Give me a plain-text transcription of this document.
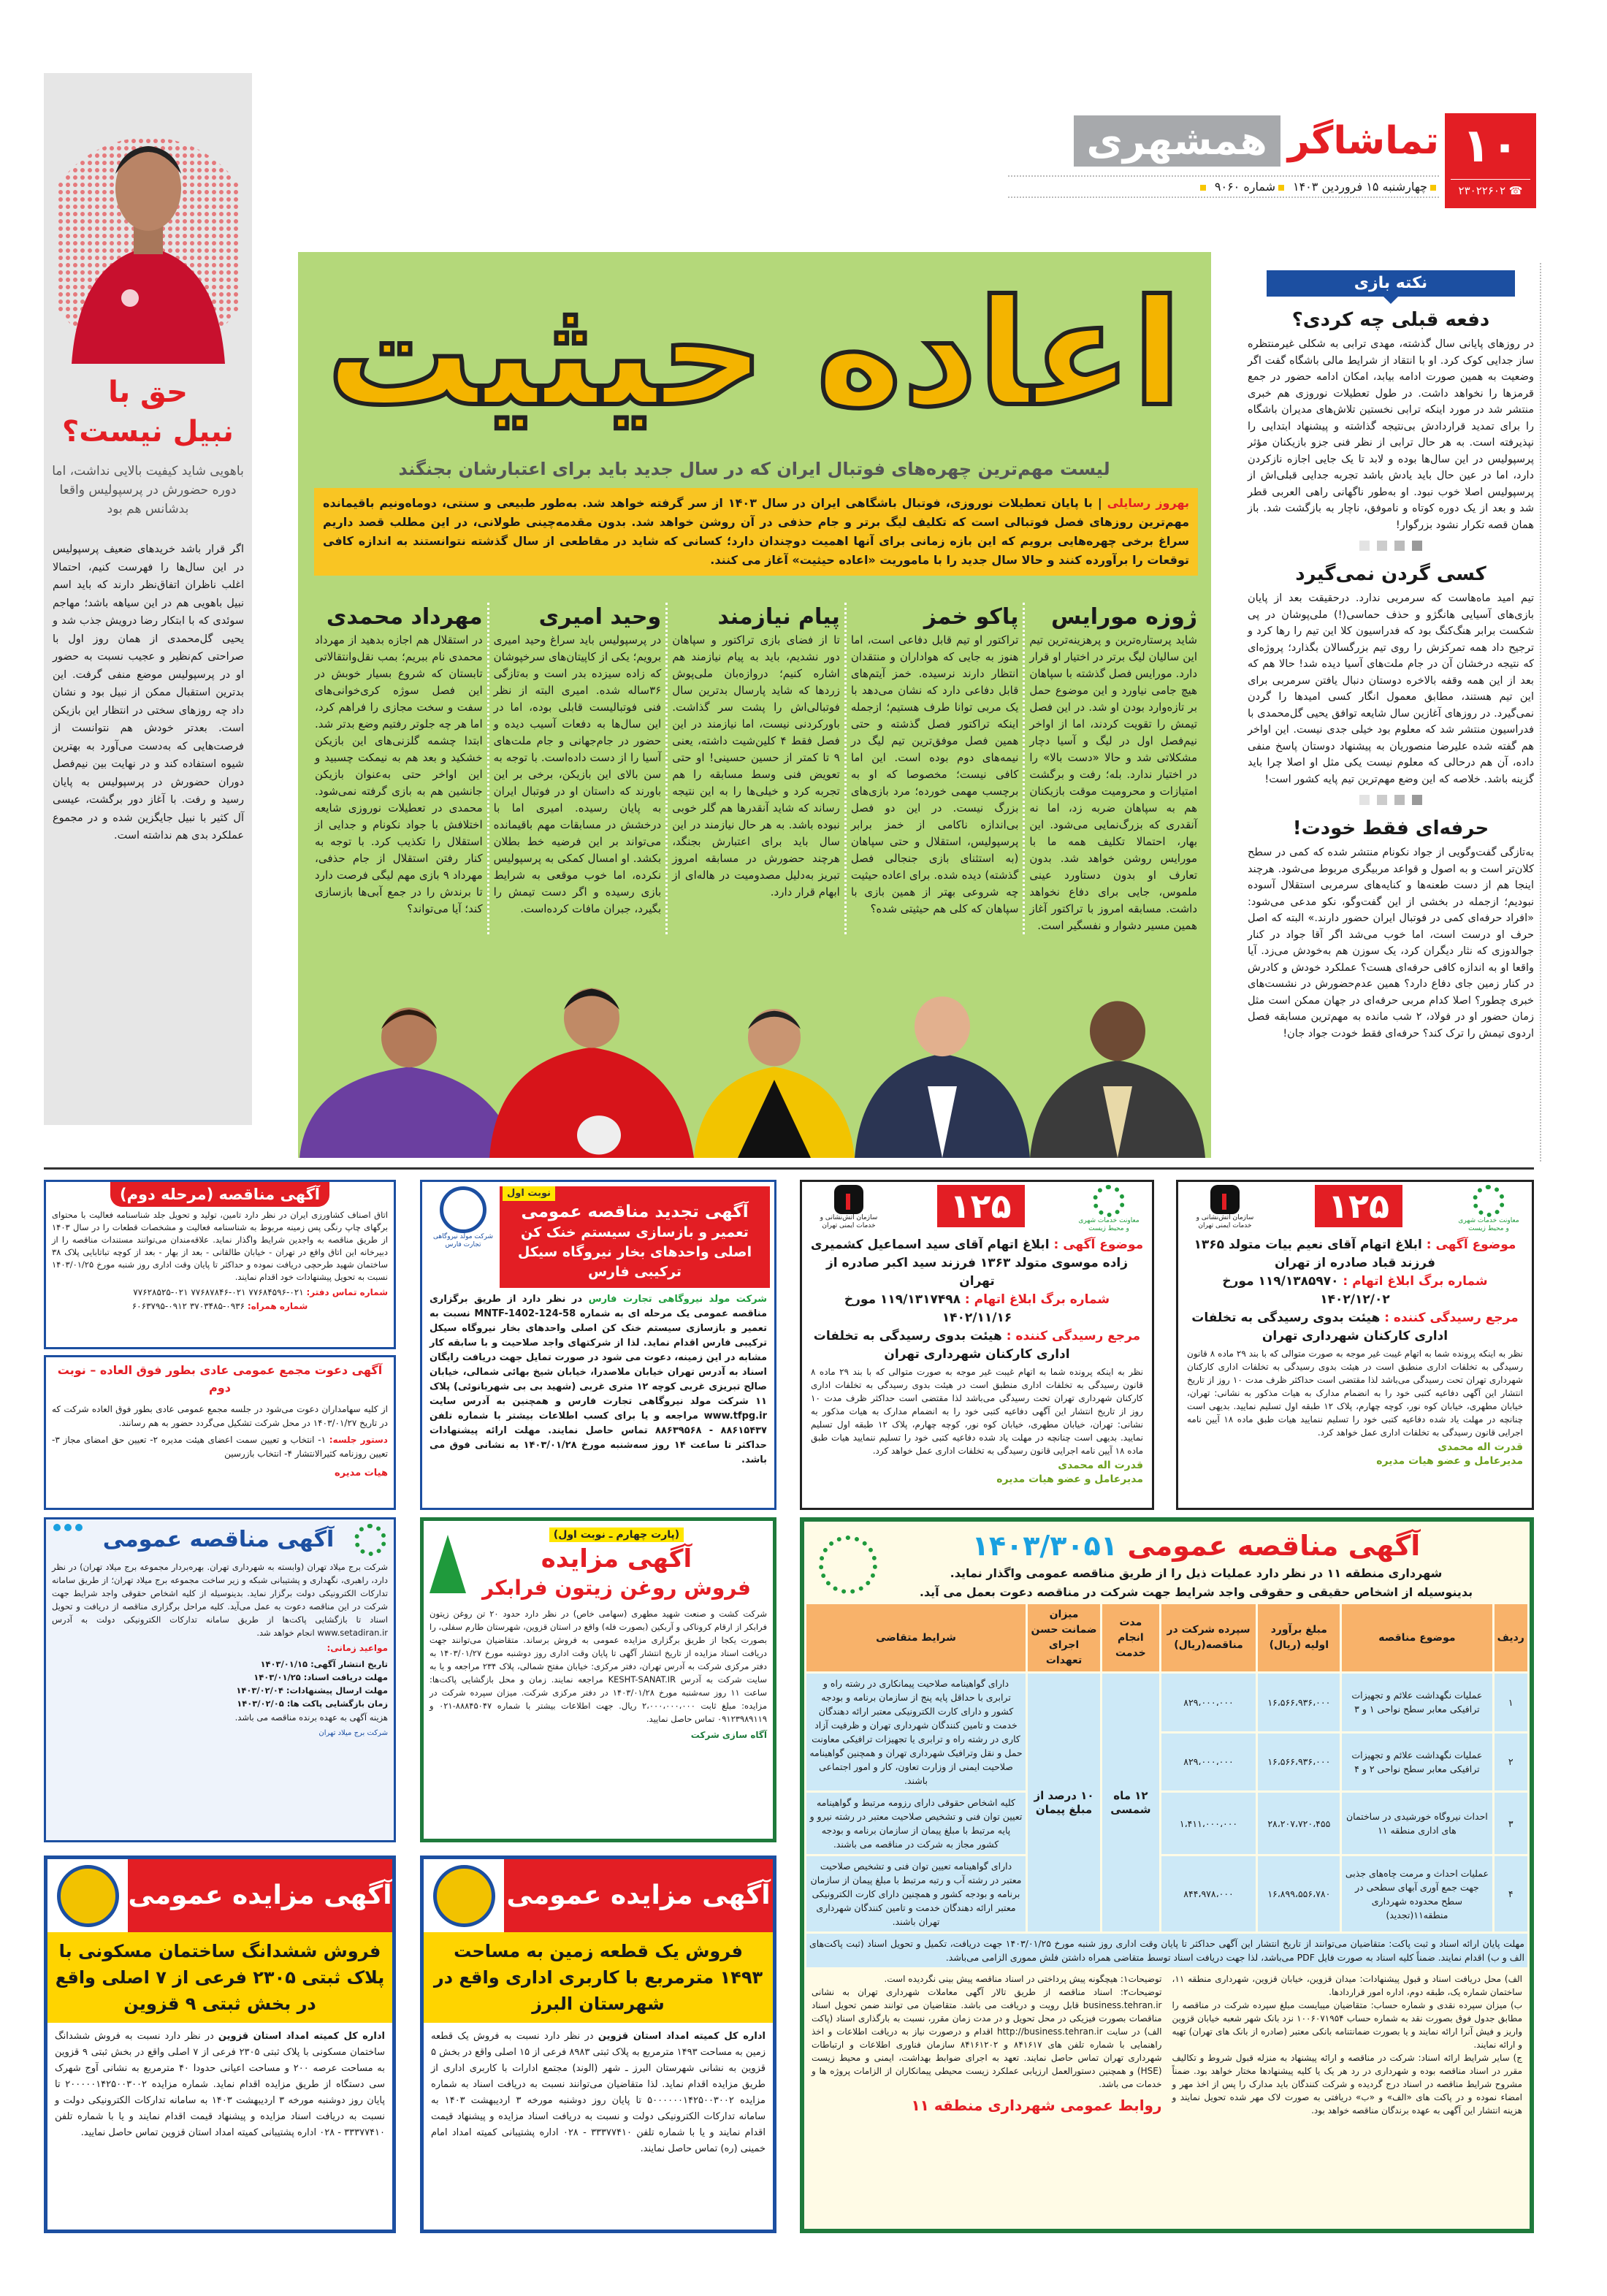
۱۰
☎ ۲۳۰۲۲۶۰۲
تماشاگر
همشهری
چهارشنبه ۱۵ فروردین ۱۴۰۳شماره ۹۰۶۰
حق با
نبیل نیست؟
باهویی شاید کیفیت بالایی نداشت، اما دوره حضورش در پرسپولیس واقعا بدشانس هم بود

اگر قرار باشد خریدهای ضعیف پرسپولیس در این سال‌ها را فهرست کنیم، احتمالا اغلب ناظران اتفاق‌نظر دارند که باید اسم نبیل باهویی هم در این سیاهه باشد؛ مهاجم سوئدی که با ابتکار رضا درویش جذب شد و یحیی گل‌محمدی از همان روز اول با صراحتی کم‌نظیر و عجیب نسبت به حضور او در پرسپولیس موضع منفی گرفت. این بدترین استقبال ممکن از نبیل بود و نشان داد چه روزهای سختی در انتظار این بازیکن است. بعدتر خودش هم نتوانست از فرصت‌هایی که به‌دست می‌آورد به بهترین شیوه استفاده کند و در نهایت بین نیم‌فصل دوران حضورش در پرسپولیس به پایان رسید و رفت. با آغاز دور برگشت، عیسی آل کثیر با نبیل جایگزین شده و در مجموع عملکرد بدی هم نداشته است.

اعاده حیثیت
لیست مهم‌ترین چهره‌های فوتبال ایران که در سال جدید باید برای اعتبارشان بجنگند
بهروز رسایلی | با پایان تعطیلات نوروزی، فوتبال باشگاهی ایران در سال ۱۴۰۳ از سر گرفته خواهد شد. به‌طور طبیعی و سنتی، دوماه‌ونیم باقیمانده مهم‌ترین روزهای فصل فوتبالی است که تکلیف لیگ برتر و جام حذفی در آن روشن خواهد شد. بدون مقدمه‌چینی طولانی، در این مطلب قصد داریم سراغ برخی چهره‌هایی برویم که این بازه زمانی برای آنها اهمیت دوچندان دارد؛ کسانی که شاید در مقاطعی از سال گذشته نتوانستند به اندازه کافی توقعات را برآورده کنند و حالا سال جدید را با ماموریت «اعاده حیثیت» آغاز می کنند.
ژوزه مورایس

شاید پرستاره‌ترین و پرهزینه‌ترین تیم این سالیان لیگ برتر در اختیار او قرار دارد. مورایس فصل گذشته با سپاهان هیچ جامی نیاورد و این موضوع حمل بر تازه‌وارد بودن او شد. در این فصل تیمش را تقویت کردند، اما از اواخر نیم‌فصل اول در لیگ و آسیا دچار مشکلاتی شد و حالا «دست بالا» را در اختیار ندارد. بله؛ رفت و برگشت امتیازات و محرومیت موقت بازیکنان هم به سپاهان ضربه زد، اما نه آنقدری که بزرگ‌نمایی می‌شود. این بهار، احتمالا تکلیف همه ما با مورایس روشن خواهد شد. بدون تعارف او بدون دستاورد عینی ملموس، جایی برای دفاع نخواهد داشت. مسابقه امروز با تراکتور آغاز همین مسیر دشوار و نفسگیر است.

پاکو خمز

تراکتور او تیم قابل دفاعی است، اما هنوز به جایی که هواداران و منتقدان انتظار دارند نرسیده. خمز آیتم‌های قابل دفاعی دارد که نشان می‌دهد با یک مربی توانا طرف هستیم؛ ازجمله اینکه تراکتور فصل گذشته و حتی همین فصل موفق‌ترین تیم لیگ در نیمه‌های دوم بوده است. این اما کافی نیست؛ مخصوصا که او به برچسب مهمی خورده؛ مرد بازی‌های بزرگ نیست. در این دو فصل بی‌اندازه ناکامی از خمز برابر پرسپولیس، استقلال و حتی سپاهان (به استثنای بازی جنجالی فصل گذشته) دیده شده. برای اعاده حیثیت چه شروعی بهتر از همین بازی با سپاهان که کلی هم حیثیتی شده؟

پیام نیازمند

تا از فضای بازی تراکتور و سپاهان دور نشدیم، باید به پیام نیازمند هم اشاره کنیم؛ دروازه‌بان ملی‌پوش زردها که شاید پارسال بدترین سال فوتبالی‌اش را پشت سر گذاشت. باورکردنی نیست، اما نیازمند در این فصل فقط ۴ کلین‌شیت داشته، یعنی ۹ تا کمتر از حسین حسینی! او حتی تعویض فنی وسط مسابقه را هم تجربه کرد و خیلی‌ها را به این نتیجه رساند که شاید آنقدرها هم گلر خوبی نبوده باشد. به هر حال نیازمند در این سال باید برای اعتبارش بجنگد، هرچند حضورش در مسابقه امروز تبریز به‌دلیل مصدومیت در هاله‌ای از ابهام قرار دارد.

وحید امیری

در پرسپولیس باید سراغ وحید امیری برویم؛ یکی از کاپیتان‌های سرخپوشان که زاده سیزده بدر است و به‌تازگی ۳۶ساله شده. امیری البته از نظر فنی فوتبالیست قابلی بوده، اما در این سال‌ها به دفعات آسیب دیده و حضور در جام‌جهانی و جام ملت‌های آسیا را از دست داده‌است. با توجه به سن بالای این بازیکن، برخی بر این باورند که داستان او در فوتبال ایران به پایان رسیده. امیری اما با درخشش در مسابقات مهم باقیمانده می‌تواند بر این فرضیه خط بطلان بکشد. او امسال کمکی به پرسپولیس نکرده، اما خوب موقعی به شرایط بازی رسیده و اگر دست تیمش را بگیرد، جبران مافات کرده‌است.

مهرداد محمدی

در استقلال هم اجازه بدهید از مهرداد محمدی نام ببریم؛ بمب نقل‌وانتقالاتی تابستان که شروع بسیار خوبش در این فصل سوژه کری‌خوانی‌های سفت و سخت مجازی را فراهم کرد، اما هر چه جلوتر رفتیم وضع بدتر شد. ابتدا چشمه گلزنی‌های این بازیکن خشکید و بعد هم به نیمکت چسبید و این اواخر حتی به‌عنوان بازیکن جانشین هم به بازی گرفته نمی‌شود. محمدی در تعطیلات نوروزی شایعه اختلافش با جواد نکونام و جدایی از استقلال را تکذیب کرد. با توجه به کنار رفتن استقلال از جام حذفی، مهرداد ۹ بازی مهم لیگی فرصت دارد تا برندش را در جمع آبی‌ها بازسازی کند؛ آیا می‌تواند؟

نکته بازی
دفعه قبلی چه کردی؟

در روزهای پایانی سال گذشته، مهدی ترابی به شکلی غیرمنتظره ساز جدایی کوک کرد. او با انتقاد از شرایط مالی باشگاه گفت اگر وضعیت به همین صورت ادامه بیابد، امکان ادامه حضور در جمع قرمزها را نخواهد داشت. در طول تعطیلات نوروزی هم خبری منتشر شد در مورد اینکه ترابی نخستین تلاش‌های مدیران باشگاه را برای تمدید قراردادش بی‌نتیجه گذاشته و پیشنهاد ابتدایی را نپذیرفته است. به هر حال ترابی از نظر فنی جزو بازیکنان مؤثر پرسپولیس در این سال‌ها بوده و لابد تا یک جایی اجازه نازکردن دارد، اما در عین حال باید یادش باشد تجربه جدایی قبلی‌اش از پرسپولیس اصلا خوب نبود. او به‌طور ناگهانی راهی العربی قطر شد و بعد از یک دوره کوتاه و ناموفق، ناچار به بازگشت شد. باز همان قصه تکرار نشود بزرگوار!

کسی گردن نمی‌گیرد

تیم امید ماه‌هاست که سرمربی ندارد. درحقیقت بعد از پایان بازی‌های آسیایی هانگژو و حذف حماسی(!) ملی‌پوشان در پی شکست برابر هنگ‌کنگ بود که فدراسیون کلا این تیم را رها کرد و ترجیح داد همه تمرکزش را روی تیم بزرگسالان بگذارد؛ پروژه‌ای که نتیجه درخشان آن در جام ملت‌های آسیا دیده شد! حالا هم که بعد از این همه وقفه بالاخره دوستان دنبال یافتن سرمربی برای این تیم هستند، مطابق معمول انگار کسی امیدها را گردن نمی‌گیرد. در روزهای آغازین سال شایعه توافق یحیی گل‌محمدی با فدراسیون منتشر شد که معلوم بود خیلی جدی نیست. این اواخر هم گفته شده علیرضا منصوریان به پیشنهاد دوستان پاسخ منفی داده، آن هم درحالی که معلوم نیست یکی مثل او اصلا چرا باید گزینه باشد. خلاصه که این وضع مهم‌ترین تیم پایه کشور است!

حرفه‌ای فقط خودت!

به‌تازگی گفت‌وگویی از جواد نکونام منتشر شده که کمی در سطح کلان‌تر است و به اصول و قواعد مربیگری مربوط می‌شود. هرچند اینجا هم از دست طعنه‌ها و کنایه‌های سرمربی استقلال آسوده نبودیم؛ ازجمله در بخشی از این گفت‌وگو، نکو مدعی می‌شود: «افراد حرفه‌ای کمی در فوتبال ایران حضور دارند.» البته که اصل حرف او درست است، اما خوب می‌شد اگر آقا جواد در کنار جوالدوزی که نثار دیگران کرد، یک سوزن هم به‌خودش می‌زد. آیا واقعا او به اندازه کافی حرفه‌ای هست؟ عملکرد خودش و کادرش در کنار زمین جای دفاع دارد؟ همین عدم‌حضورش در نشست‌های خبری چطور؟ اصلا کدام مربی حرفه‌ای در جهان ممکن است مثل زمان حضور او در فولاد، ۲ شب مانده به مهم‌ترین مسابقه فصل اردوی تیمش را ترک کند؟ حرفه‌ای فقط خودت جواد جان!

معاونت خدمات شهری و محیط زیست
۱۲۵
سازمان آتش‌نشانی و خدمات ایمنی تهران
موضوع آگهی : ابلاغ اتهام آقای نعیم بیات متولد ۱۳۶۵ فرزند قباد صادره از تهران
شماره برگ ابلاغ اتهام : ۱۱۹/۱۳۸۵۹۷۰ مورخ ۱۴۰۲/۱۲/۰۲
مرجع رسیدگی کننده : هیئت بدوی رسیدگی به تخلفات اداری کارکنان شهرداری تهران

نظر به اینکه پرونده شما به اتهام غیبت غیر موجه به صورت متوالی که با بند ۲۹ ماده ۸ قانون رسیدگی به تخلفات اداری منطبق است در هیئت بدوی رسیدگی به تخلفات اداری کارکنان شهرداری تهران تحت رسیدگی می‌باشد لذا مقتضی است حداکثر ظرف مدت ۱۰ روز از تاریخ انتشار این آگهی دفاعیه کتبی خود را به انضمام مدارک به هیات مذکور به نشانی: تهران، خیابان مطهری، خیابان کوه نور، کوچه چهارم، پلاک ۱۲ طبقه اول تسلیم نمایید. بدیهی است چنانچه در مهلت یاد شده دفاعیه کتبی خود را تسلیم ننمایید هیات طبق ماده ۱۸ آیین نامه اجرایی قانون رسیدگی به تخلفات اداری عمل خواهد کرد.

قدرت اله محمدی
مدیرعامل و عضو هیات مدیره
معاونت خدمات شهری و محیط زیست
۱۲۵
سازمان آتش‌نشانی و خدمات ایمنی تهران
موضوع آگهی : ابلاغ اتهام آقای سید اسماعیل کشمیری زاده موسوی متولد ۱۳۶۳ فرزند سید اکبر صادره از تهران
شماره برگ ابلاغ اتهام : ۱۱۹/۱۳۱۷۴۹۸ مورخ ۱۴۰۲/۱۱/۱۶
مرجع رسیدگی کننده : هیئت بدوی رسیدگی به تخلفات اداری کارکنان شهرداری تهران

نظر به اینکه پرونده شما به اتهام غیبت غیر موجه به صورت متوالی که با بند ۲۹ ماده ۸ قانون رسیدگی به تخلفات اداری منطبق است در هیئت بدوی رسیدگی به تخلفات اداری کارکنان شهرداری تهران تحت رسیدگی می‌باشد لذا مقتضی است حداکثر ظرف مدت ۱۰ روز از تاریخ انتشار این آگهی دفاعیه کتبی خود را به انضمام مدارک به هیات مذکور به نشانی: تهران، خیابان مطهری، خیابان کوه نور، کوچه چهارم، پلاک ۱۲ طبقه اول تسلیم نمایید. بدیهی است چنانچه در مهلت یاد شده دفاعیه کتبی خود را تسلیم ننمایید هیات طبق ماده ۱۸ آیین نامه اجرایی قانون رسیدگی به تخلفات اداری عمل خواهد کرد.

قدرت اله محمدی
مدیرعامل و عضو هیات مدیره
نوبت اول
آگهی تجدید مناقصه عمومی
تعمیر و بازسازی سیستم خنک کن اصلی واحدهای بخار نیروگاه سیکل ترکیبی فارس
شرکت مولد نیروگاهی تجارت فارس

شرکت مولد نیروگاهی تجارت فارس در نظر دارد از طریق برگزاری مناقصه عمومی یک مرحله ای به شماره MNTF-1402-124-58 نسبت به تعمیر و بازسازی سیستم خنک کن اصلی واحدهای بخار نیروگاه سیکل ترکیبی فارس اقدام نماید. لذا از شرکتهای واجد صلاحیت و با سابقه کار مشابه در این زمینه، دعوت می شود در صورت تمایل جهت دریافت رایگان اسناد به آدرس تهران خیابان ملاصدرا، خیابان شیخ بهائی شمالی، خیابان صالح تبریزی غربی کوچه ۱۲ متری غربی (شهید بی بی شهربانوئی) پلاک ۱۱ شرکت مولد نیروگاهی تجارت فارس و همچنین به آدرس سایت www.tfpg.ir مراجعه و یا برای کسب اطلاعات بیشتر با شماره تلفن ۸۸۶۱۵۴۳۷ - ۸۸۶۳۹۵۶۸ تماس حاصل نمایند. مهلت ارائه پیشنهادات حداکثر تا ساعت ۱۴ روز سه‌شنبه مورخ ۱۴۰۳/۰۱/۲۸ به نشانی فوق می باشد.

آگهی مناقصه (مرحله دوم)

اتاق اصناف کشاورزی ایران در نظر دارد تامین، تولید و تحویل جلد شناسنامه فعالیت با محتوای برگهای چاپ رنگی پس زمینه مربوط به شناسنامه فعالیت و مشخصات قطعات را در سال ۱۴۰۳ از طریق مناقصه به واجدین شرایط واگذار نماید. علاقه‌مندان می‌توانند مستندات مناقصه را از دبیرخانه این اتاق واقع در تهران - خیابان طالقانی - بعد از بهار - بعد از کوچه تباتابایی پلاک ۳۸ ساختمان شهید طرحچی دریافت نموده و حداکثر تا پایان وقت اداری روز شنبه مورخ ۱۴۰۳/۰۱/۲۵ نسبت به تحویل پیشنهادات خود اقدام نمایند.

شماره تماس دفتر: ۰۲۱-۷۷۶۸۴۵۹۶ ۰۲۱-۷۷۶۸۷۸۴۶ ۰۲۱-۷۷۶۲۸۵۲۵
شماره همراه: ۰۹۳۶-۳۷۰۳۴۸۵ ۰۹۱۲-۶۰۶۳۷۹۵
آگهی دعوت مجمع عمومی عادی بطور فوق العاده – نوبت دوم

از کلیه سهامداران دعوت می‌شود در جلسه مجمع عمومی عادی بطور فوق العاده شرکت که در تاریخ ۱۴۰۳/۰۱/۲۷ در محل شرکت تشکیل می‌گردد حضور به هم رسانند.

دستور جلسه: ۱- انتخاب و تعیین سمت اعضای هیئت مدیره ۲- تعیین حق امضای مجاز ۳- تعیین روزنامه کثیرالانتشار ۴- انتخاب بازرسین

هیات مدیره
آگهی مناقصه عمومی ۱۴۰۳/۳۰۵۱
شهرداری منطقه ۱۱ در نظر دارد عملیات ذیل را از طریق مناقصه عمومی واگذار نماید.
بدینوسیله از اشخاص حقیقی و حقوقی واجد شرایط جهت شرکت در مناقصه دعوت بعمل می آید.
ردیف	موضوع مناقصه	مبلغ برآورد اولیه (ریال)	سپرده شرکت در مناقصه(ریال)	مدت انجام خدمت	میزان ضمانت حسن اجرای تعهدات	شرایط متقاضی
۱	عملیات نگهداشت علائم و تجهیزات ترافیکی معابر سطح نواحی ۱ و ۳	۱۶،۵۶۶،۹۳۶،۰۰۰	۸۲۹،۰۰۰،۰۰۰	۱۲ ماه شمسی	۱۰ درصد از مبلغ پیمان	دارای گواهینامه صلاحیت پیمانکاری در رشته راه و ترابری با حداقل پایه پنج از سازمان برنامه و بودجه کشور و دارای کارت الکترونیکی معتبر ارائه دهندگان خدمت و تامین کنندگان شهرداری تهران و ظرفیت آزاد کاری در رشته راه و ترابری یا تجهیزات ترافیکی معاونت حمل و نقل وترافیک شهرداری تهران و همچنین گواهینامه صلاحیت ایمنی از وزارت تعاون، کار و امور اجتماعی باشند.
۲	عملیات نگهداشت علائم و تجهیزات ترافیکی معابر سطح نواحی ۲ و ۴	۱۶،۵۶۶،۹۳۶،۰۰۰	۸۲۹،۰۰۰،۰۰۰			
۳	احداث نیروگاه خورشیدی در ساختمان های اداری منطقه ۱۱	۲۸،۲۰۷،۷۲۰،۴۵۵	۱،۴۱۱،۰۰۰،۰۰۰			کلیه اشخاص حقوقی دارای رزومه مرتبط و گواهینامه تعیین توان فنی و تشخیص صلاحیت معتبر در رشته نیرو و پایه مرتبط با مبلغ پیمان از سازمان برنامه و بودجه کشور مجاز به شرکت در مناقصه می باشند.
۴	عملیات احداث و مرمت چاه‌های جذبی جهت جمع آوری آبهای سطحی در سطح محدوده شهرداری منطقه۱۱(تجدید)	۱۶،۸۹۹،۵۵۶،۷۸۰	۸۴۴،۹۷۸،۰۰۰			دارای گواهینامه تعیین توان فنی و تشخیص صلاحیت معتبر در رشته آب و رتبه مرتبط با مبلغ پیمان از سازمان برنامه و بودجه کشور و همچنین دارای کارت الکترونیکی معتبر ارائه دهندگان خدمت و تامین کنندگان شهرداری تهران باشند.
مهلت پایان ارائه اسناد و ثبت پاکت: متقاضیان می‌توانند از تاریخ انتشار این آگهی حداکثر تا پایان وقت اداری روز شنبه مورخ ۱۴۰۳/۰۱/۲۵ جهت دریافت، تکمیل و تحویل اسناد (ثبت پاکت‌های الف و ب) اقدام نمایند. ضمناً کلیه اسناد به صورت فایل PDF می‌باشد، لذا جهت دریافت اسناد توسط متقاضی همراه داشتن فلش مموری الزامی می‌باشد.						

الف) محل دریافت اسناد و قبول پیشنهادات: میدان قزوین، خیابان قزوین، شهرداری منطقه ۱۱، ساختمان شماره یک، طبقه دوم، اداره امور قراردادها.

ب) میزان سپرده نقدی و شماره حساب: متقاضیان میبایست مبلغ سپرده شرکت در مناقصه را مطابق جدول فوق بصورت نقد به شماره حساب ۱۰۰۶۰۷۱۹۵۴ نزد بانک شهر شعبه خیابان قزوین واریز و فیش آنرا ارائه نمایند و یا بصورت ضمانتنامه بانکی معتبر (صادره از بانک های تهران) تهیه و ارائه نمایند.

ج) سایر شرایط ارائه اسناد: شرکت در مناقصه و ارائه پیشنهاد به منزله قبول شروط و تکالیف مقرر در اسناد مناقصه بوده و شهرداری در رد هر یک یا کلیه پیشنهادها مختار خواهد بود. ضمناً مشروح شرایط مناقصه در اسناد درج گردیده و شرکت کنندگان باید مدارک را پس از اخذ مهر و امضاء نموده و در پاکت های «الف» و «ب» دریافتی به صورت لاک مهر شده تحویل نمایند و هزینه انتشار این آگهی به عهده برندگان مناقصه خواهد بود.

توضیحات۱: هیچگونه پیش پرداختی در اسناد مناقصه پیش بینی نگردیده است.

توضیحات۲: اسناد مناقصه از طریق تالار آگهی معاملات شهرداری تهران به نشانی business.tehran.ir قابل رویت و دریافت می باشد. متقاضیان می توانند ضمن تحویل اسناد مناقصات بصورت فیزیکی در محل تحویل و در مدت زمان مقرر، نسبت به بارگذاری اسناد (پاکت الف) در سایت http://business.tehran.ir اقدام و درصورت نیاز به دریافت اطلاعات و اخذ راهنمایی با شماره تلفن های ۸۴۱۶۱۷ و ۸۴۱۶۱۲۰۲ سازمان فناوری اطلاعات و ارتباطات شهرداری تهران تماس حاصل نمایند. تعهد به اجرای ضوابط بهداشت، ایمنی و محیط زیست (HSE) و همچنین دستورالعمل ارزیابی عملکرد زیست محیطی پیمانکاران از الزامات پروژه ها و خدمات می باشد.

روابط عمومی شهرداری منطقه ۱۱
(پارت چهارم ـ نوبت اول)
آگهی مزایده
فروش روغن زیتون فرابکر

شرکت کشت و صنعت شهید مطهری (سهامی خاص) در نظر دارد حدود ۲۰ تن روغن زیتون فرابکر از ارقام کروناکی و آربکین (بصورت فله) واقع در استان قزوین، شهرستان طارم سفلی، را بصورت یکجا از طریق برگزاری مزایده عمومی به فروش برساند. متقاضیان می‌توانند جهت دریافت اسناد مزایده از تاریخ انتشار آگهی تا پایان وقت اداری روز دوشنبه مورخ ۱۴۰۳/۰۱/۲۷ به دفتر مرکزی شرکت به آدرس تهران، دفتر مرکزی: خیابان مفتح شمالی، پلاک ۲۳۴ مراجعه و یا به سایت شرکت به آدرس KESHT-SANAT.IR مراجعه نمایند. زمان و محل بازگشایی پاکت‌ها: ساعت ۱۱ روز سه‌شنبه مورخ ۱۴۰۳/۰۱/۲۸ در دفتر مرکزی شرکت. میزان سپرده شرکت در مزایده: مبلغ ثابت ۲،۰۰۰،۰۰۰،۰۰۰ ریال. جهت اطلاعات بیشتر با شماره ۸۸۸۴۵۰۴۷-۰۲۱ و ۰۹۱۲۳۹۸۹۱۱۹ تماس حاصل نمایید.

آگاه سازی شرکت
آگهی مناقصه عمومی

شرکت برج میلاد تهران (وابسته به شهرداری تهران. بهره‌بردار مجموعه برج میلاد تهران) در نظر دارد، راهبری، نگهداری و پشتیبانی شبکه و زیر ساخت مجموعه برج میلاد تهران؛ از طریق سامانه تدارکات الکترونیکی دولت برگزار نماید. بدینوسیله از کلیه اشخاص حقوقی واجد شرایط جهت شرکت در این مناقصه دعوت به عمل می‌آید. کلیه مراحل برگزاری مناقصه از دریافت و تحویل اسناد تا بازگشایی پاکت‌ها از طریق سامانه تدارکات الکترونیکی دولت به آدرس www.setadiran.ir انجام خواهد شد.

مواعید زمانی:
تاریخ انتشار آگهی: ۱۴۰۳/۰۱/۱۵
مهلت دریافت اسناد: ۱۴۰۳/۰۱/۲۵
مهلت ارسال پیشنهادات: ۱۴۰۳/۰۲/۰۴
زمان بازگشایی پاکت ها: ۱۴۰۳/۰۲/۰۵

هزینه آگهی به عهده برنده مناقصه می باشد.

شرکت برج میلاد تهران
آگهی مزایده عمومی
فروش یک قطعه زمین به مساحت ۱۴۹۳ مترمربع با کاربری اداری واقع در شهرستان البرز

اداره کل کمیته امداد استان قزوین در نظر دارد نسبت به فروش یک قطعه زمین به مساحت ۱۴۹۳ مترمربع به پلاک ثبتی ۸۹۸۳ فرعی از ۱۵ اصلی واقع در بخش ۵ قزوین به نشانی شهرستان البرز ـ شهر (الوند) مجتمع ادارات با کاربری اداری از طریق مزایده اقدام نماید. لذا متقاضیان می‌توانند نسبت به دریافت اسناد به شماره مزایده ۵۰۰۰۰۰۰۱۴۲۵۰۰۳۰۰۲ تا پایان روز دوشنبه مورخه ۳ اردیبهشت ۱۴۰۳ به سامانه تدارکات الکترونیکی دولت و نسبت به دریافت اسناد مزایده و پیشنهاد قیمت اقدام نمایند و یا با شماره تلفن ۳۳۳۷۷۴۱۰ - ۰۲۸ اداره پشتیبانی کمیته امداد امام خمینی (ره) تماس حاصل نمایند.

آگهی مزایده عمومی
فروش ششدانگ ساختمان مسکونی با پلاک ثبتی ۲۳۰۵ فرعی از ۷ اصلی واقع در بخش ثبتی ۹ قزوین

اداره کل کمیته امداد استان قزوین در نظر دارد نسبت به فروش ششدانگ ساختمان مسکونی با پلاک ثبتی ۲۳۰۵ فرعی از ۷ اصلی واقع در بخش ثبتی ۹ قزوین به مساحت عرصه ۲۰۰ و مساحت اعیانی حدودا ۴۰ مترمربع به نشانی آوج شهرک سی دستگاه از طریق مزایده اقدام نماید. شماره مزایده ۲۰۰۰۰۰۱۴۲۵۰۰۳۰۰۲ تا پایان روز دوشنبه مورخه ۳ اردیبهشت ۱۴۰۳ به سامانه تدارکات الکترونیکی دولت و نسبت به دریافت اسناد مزایده و پیشنهاد قیمت اقدام نمایند و یا با شماره تلفن ۳۳۳۷۷۴۱۰ - ۰۲۸ اداره پشتیبانی کمیته امداد استان قزوین تماس حاصل نمایید.
